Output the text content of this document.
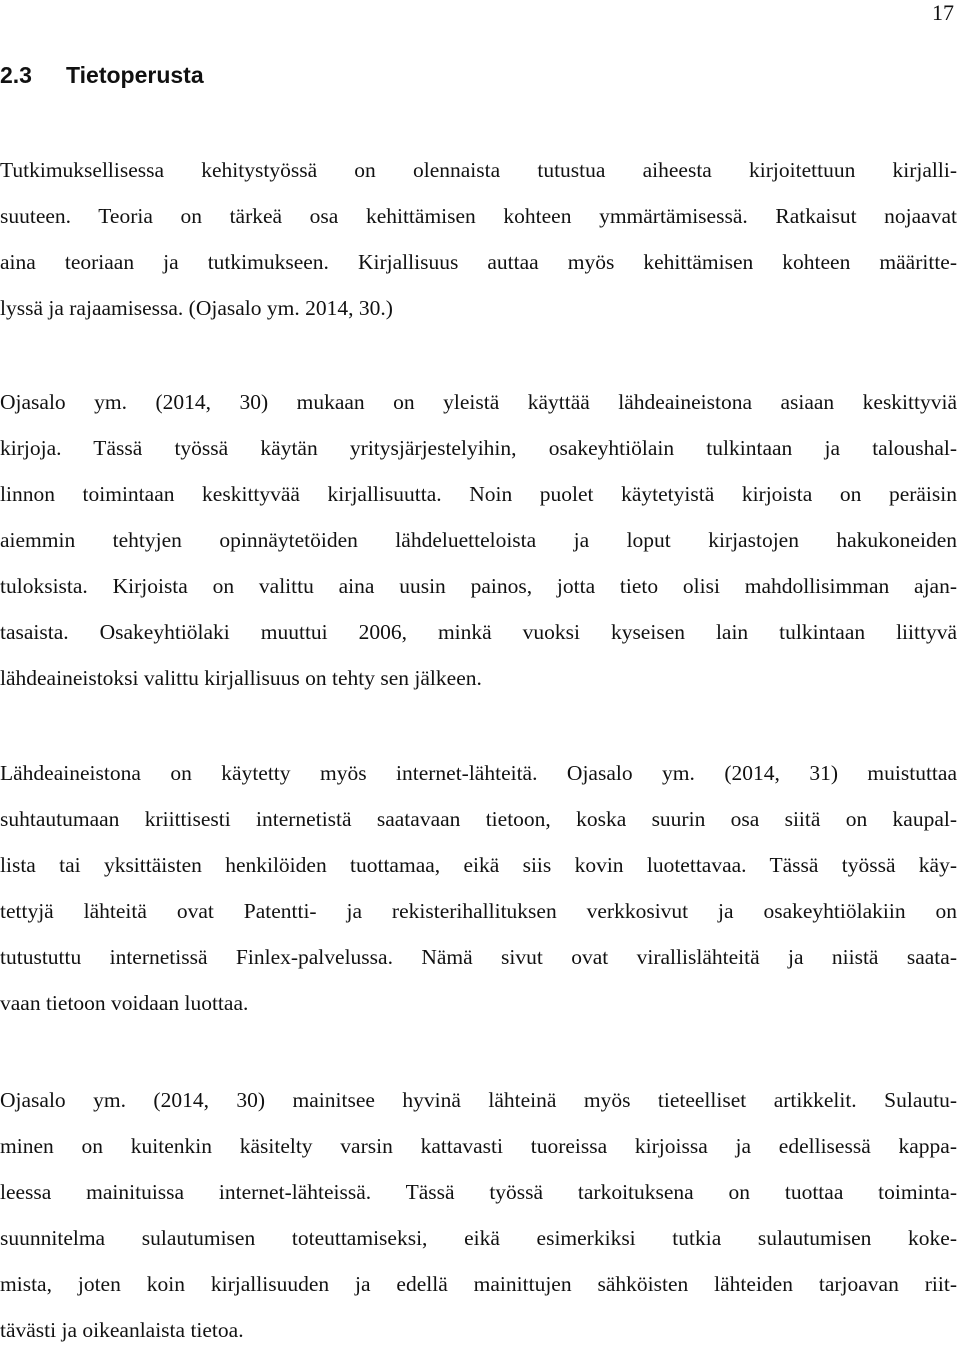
17
2.3 Tietoperusta
Tutkimuksellisessa kehitystyössä on olennaista tutustua aiheesta kirjoitettuun kirjalli-
suuteen. Teoria on tärkeä osa kehittämisen kohteen ymmärtämisessä. Ratkaisut nojaavat
aina teoriaan ja tutkimukseen. Kirjallisuus auttaa myös kehittämisen kohteen määritte-
lyssä ja rajaamisessa. (Ojasalo ym. 2014, 30.)
Ojasalo ym. (2014, 30) mukaan on yleistä käyttää lähdeaineistona asiaan keskittyviä
kirjoja. Tässä työssä käytän yritysjärjestelyihin, osakeyhtiölain tulkintaan ja taloushal-
linnon toimintaan keskittyvää kirjallisuutta. Noin puolet käytetyistä kirjoista on peräisin
aiemmin tehtyjen opinnäytetöiden lähdeluetteloista ja loput kirjastojen hakukoneiden
tuloksista. Kirjoista on valittu aina uusin painos, jotta tieto olisi mahdollisimman ajan-
tasaista. Osakeyhtiölaki muuttui 2006, minkä vuoksi kyseisen lain tulkintaan liittyvä
lähdeaineistoksi valittu kirjallisuus on tehty sen jälkeen.
Lähdeaineistona on käytetty myös internet-lähteitä. Ojasalo ym. (2014, 31) muistuttaa
suhtautumaan kriittisesti internetistä saatavaan tietoon, koska suurin osa siitä on kaupal-
lista tai yksittäisten henkilöiden tuottamaa, eikä siis kovin luotettavaa. Tässä työssä käy-
tettyjä lähteitä ovat Patentti- ja rekisterihallituksen verkkosivut ja osakeyhtiölakiin on
tutustuttu internetissä Finlex-palvelussa. Nämä sivut ovat virallislähteitä ja niistä saata-
vaan tietoon voidaan luottaa.
Ojasalo ym. (2014, 30) mainitsee hyvinä lähteinä myös tieteelliset artikkelit. Sulautu-
minen on kuitenkin käsitelty varsin kattavasti tuoreissa kirjoissa ja edellisessä kappa-
leessa mainituissa internet-lähteissä. Tässä työssä tarkoituksena on tuottaa toiminta-
suunnitelma sulautumisen toteuttamiseksi, eikä esimerkiksi tutkia sulautumisen koke-
mista, joten koin kirjallisuuden ja edellä mainittujen sähköisten lähteiden tarjoavan riit-
tävästi ja oikeanlaista tietoa.
